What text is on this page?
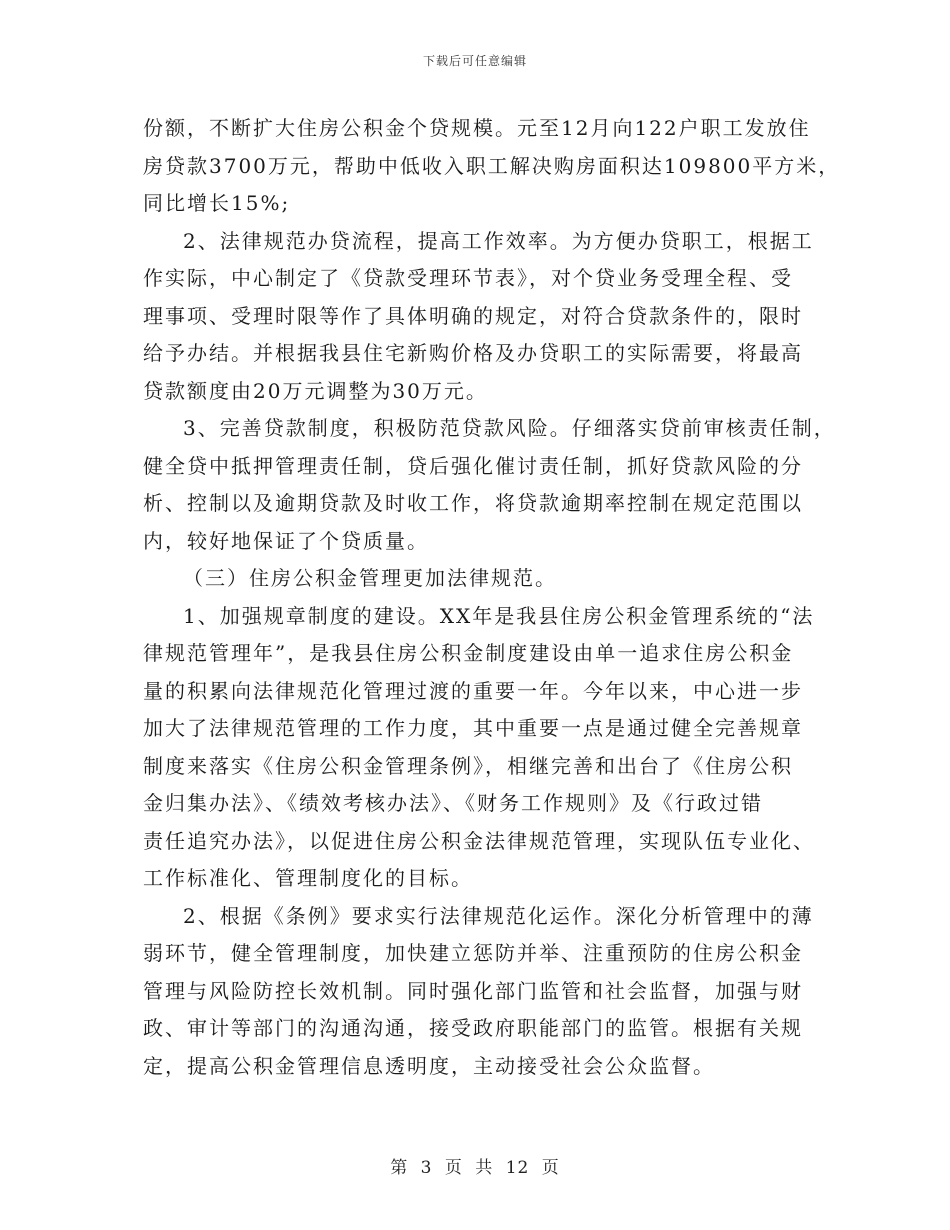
下载后可任意编辑
份额，不断扩大住房公积金个贷规模。元至12月向122户职工发放住
房贷款3700万元，帮助中低收入职工解决购房面积达109800平方米，
同比增长15%;
2、法律规范办贷流程，提高工作效率。为方便办贷职工，根据工
作实际，中心制定了《贷款受理环节表》，对个贷业务受理全程、受
理事项、受理时限等作了具体明确的规定，对符合贷款条件的，限时
给予办结。并根据我县住宅新购价格及办贷职工的实际需要，将最高
贷款额度由20万元调整为30万元。
3、完善贷款制度，积极防范贷款风险。仔细落实贷前审核责任制，
健全贷中抵押管理责任制，贷后强化催讨责任制，抓好贷款风险的分
析、控制以及逾期贷款及时收工作，将贷款逾期率控制在规定范围以
内，较好地保证了个贷质量。
（三）住房公积金管理更加法律规范。
1、加强规章制度的建设。XX年是我县住房公积金管理系统的“法
律规范管理年”，是我县住房公积金制度建设由单一追求住房公积金
量的积累向法律规范化管理过渡的重要一年。今年以来，中心进一步
加大了法律规范管理的工作力度，其中重要一点是通过健全完善规章
制度来落实《住房公积金管理条例》，相继完善和出台了《住房公积
金归集办法》、《绩效考核办法》、《财务工作规则》及《行政过错
责任追究办法》，以促进住房公积金法律规范管理，实现队伍专业化、
工作标准化、管理制度化的目标。
2、根据《条例》要求实行法律规范化运作。深化分析管理中的薄
弱环节，健全管理制度，加快建立惩防并举、注重预防的住房公积金
管理与风险防控长效机制。同时强化部门监管和社会监督，加强与财
政、审计等部门的沟通沟通，接受政府职能部门的监管。根据有关规
定，提高公积金管理信息透明度，主动接受社会公众监督。
第 3 页 共 12 页
